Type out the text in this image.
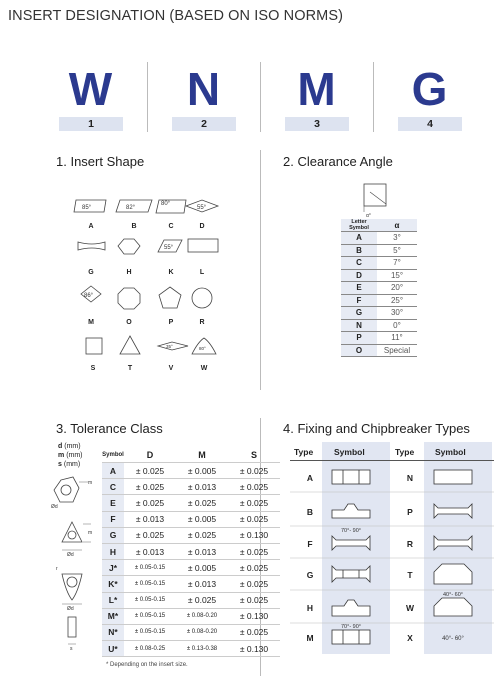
INSERT DESIGNATION (BASED ON ISO NORMS)
W	N	M	G
1	2	3	4
1. Insert Shape
85°	82°
80°
55°
55°
86°
35°	80°
A	B	C	D
G	H	K	L
M	O	P	R
S	T	V	W
2. Clearance Angle
α°
Letter Symbol	α
A	3°
B	5°
C	7°
D	15°
E	20°
F	25°
G	30°
N	0°
P	11°
O	Special
3. Tolerance Class
d (mm)
m (mm)
s (mm)
m
Ød
m
Ød
r
Ød
s
Symbol	D	M	S
A	± 0.025	± 0.005	± 0.025
C	± 0.025	± 0.013	± 0.025
E	± 0.025	± 0.025	± 0.025
F	± 0.013	± 0.005	± 0.025
G	± 0.025	± 0.025	± 0.130
H	± 0.013	± 0.013	± 0.025
J*	± 0.05-0.15	± 0.005	± 0.025
K*	± 0.05-0.15	± 0.013	± 0.025
L*	± 0.05-0.15	± 0.025	± 0.025
M*	± 0.05-0.15	± 0.08-0.20	± 0.130
N*	± 0.05-0.15	± 0.08-0.20	± 0.025
U*	± 0.08-0.25	± 0.13-0.38	± 0.130
* Depending on the insert size.
4. Fixing and Chipbreaker Types
Type Symbol	Type Symbol
A	N
B	P
F	R
G	T
H	W
M	X
70°- 90°
40°- 60°
70°- 90°
40°- 60°
